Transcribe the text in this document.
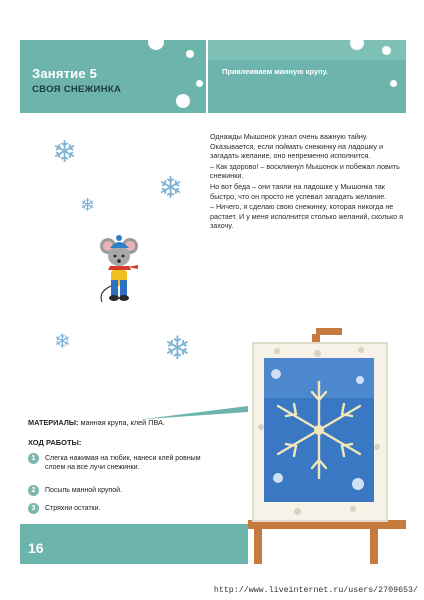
Занятие 5
СВОЯ СНЕЖИНКА
Приклеиваем манную крупу.
❄
❄
❄
❄	❄

Однажды Мышонок узнал очень важную тайну. Оказывается, если поймать снежинку на ладошку и загадать желание, оно непременно исполнится.

– Как здорово! – воскликнул Мышонок и побежал ловить снежинки.

Но вот беда – они таяли на ладошке у Мышонка так быстро, что он просто не успевал загадать желание.

– Ничего, я сделаю свою снежинку, которая никогда не растает. И у меня исполнится столько желаний, сколько я захочу.

МАТЕРИАЛЫ: манная крупа, клей ПВА.
ХОД РАБОТЫ:
1	Слегка нажимая на тюбик, нанеси клей ровным слоем на все лучи снежинки.
2	Посыпь манной крупой.
3	Стряхни остатки.
16
http://www.liveinternet.ru/users/2709653/
